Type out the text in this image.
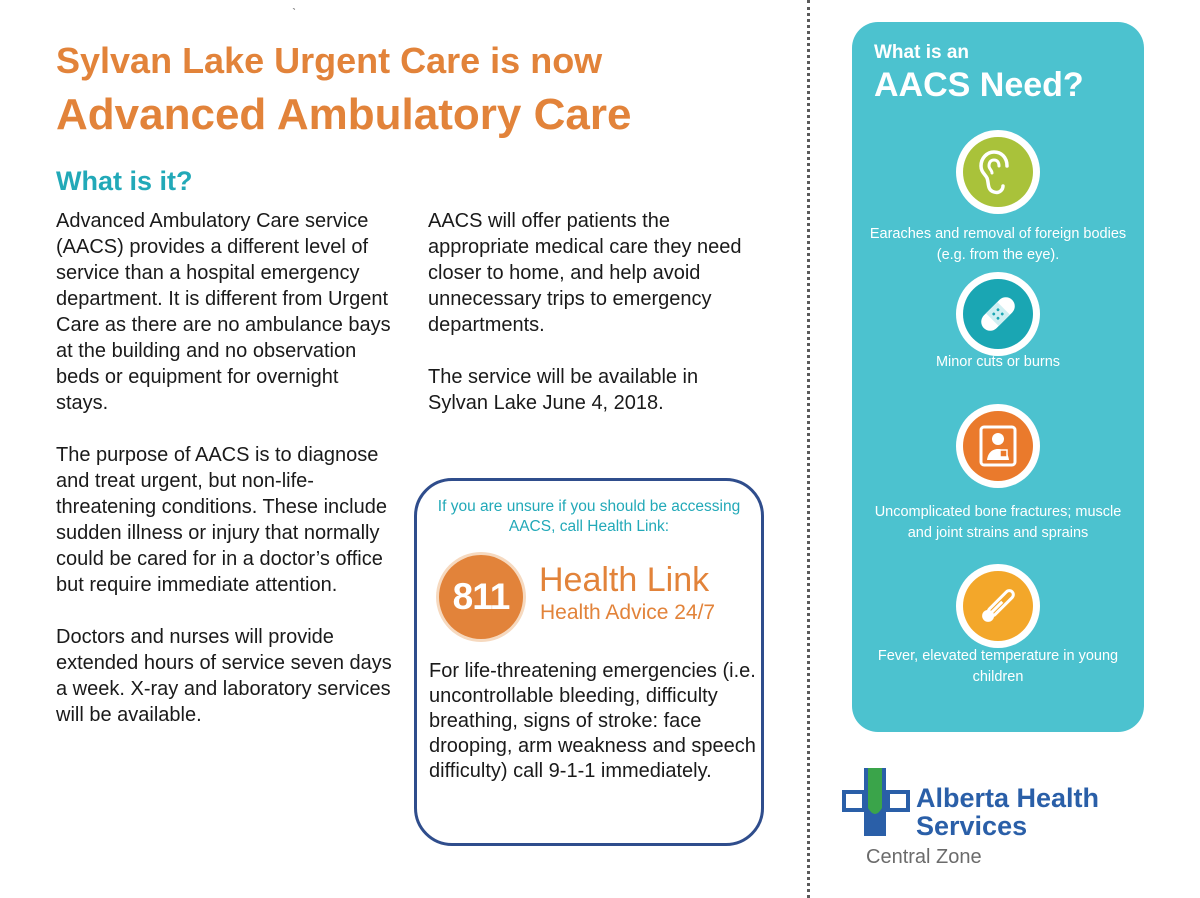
ˎ
Sylvan Lake Urgent Care is now
Advanced Ambulatory Care
What is it?

Advanced Ambulatory Care service (AACS) provides a different level of service than a hospital emergency department. It is different from Urgent Care as there are no ambulance bays at the building and no observation beds or equipment for overnight stays.

The purpose of AACS is to diagnose and treat urgent, but non-life-threatening conditions. These include sudden illness or injury that normally could be cared for in a doctor’s office but require immediate attention.

Doctors and nurses will provide extended hours of service seven days a week. X-ray and laboratory services will be available.

AACS will offer patients the appropriate medical care they need closer to home, and help avoid unnecessary trips to emergency departments.

The service will be available in Sylvan Lake June 4, 2018.

If you are unsure if you should be accessing AACS, call Health Link:
811 Health Link
Health Advice 24/7
For life-threatening emergencies (i.e. uncontrollable bleeding, difficulty breathing, signs of stroke: face drooping, arm weakness and speech difficulty) call 9-1-1 immediately.
What is an
AACS Need?
Earaches and removal of foreign bodies (e.g. from the eye).
Minor cuts or burns
Uncomplicated bone fractures; muscle and joint strains and sprains
Fever, elevated temperature in young children
Alberta Health
Services
Central Zone
